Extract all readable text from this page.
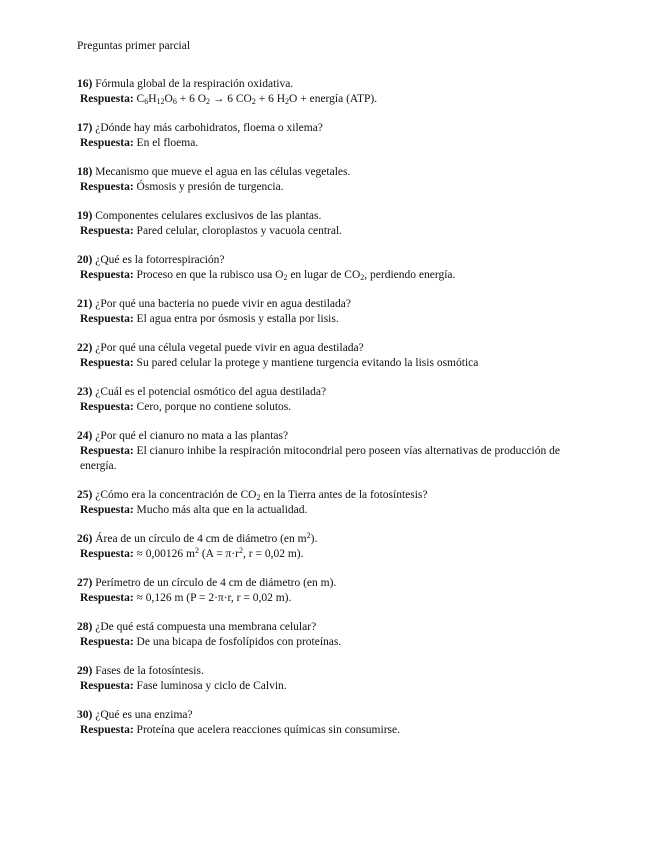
Preguntas primer parcial
16) Fórmula global de la respiración oxidativa.
Respuesta: $C_6H_{12}O_6 + 6$ $O_2 \to 6$ $CO_2 + 6$ $H_2O$ + energía (ATP).
17) ¿Dónde hay más carbohidratos, floema o xilema?
Respuesta: En el floema.
18) Mecanismo que mueve el agua en las células vegetales.
Respuesta: Ósmosis y presión de turgencia.
19) Componentes celulares exclusivos de las plantas.
Respuesta: Pared celular, cloroplastos y vacuola central.
20) ¿Qué es la fotorrespiración?
Respuesta: Proceso en que la rubisco usa $O_2$ en lugar de $CO_2$, perdiendo energía.
21) ¿Por qué una bacteria no puede vivir en agua destilada?
Respuesta: El agua entra por ósmosis y estalla por lisis.
22) ¿Por qué una célula vegetal puede vivir en agua destilada?
Respuesta: Su pared celular la protege y mantiene turgencia evitando la lisis osmótica
23) ¿Cuál es el potencial osmótico del agua destilada?
Respuesta: Cero, porque no contiene solutos.
24) ¿Por qué el cianuro no mata a las plantas?
Respuesta: El cianuro inhibe la respiración mitocondrial pero poseen vías alternativas de producción de energía.
25) ¿Cómo era la concentración de $CO_2$ en la Tierra antes de la fotosíntesis?
Respuesta: Mucho más alta que en la actualidad.
26) Área de un círculo de 4 cm de diámetro (en $m^2$).
Respuesta: ≈ 0,00126 $m^2$ ($A = \pi\cdot r^2$, r = 0,02 m).
27) Perímetro de un círculo de 4 cm de diámetro (en m).
Respuesta: ≈ 0,126 m (P = 2·π·r, r = 0,02 m).
28) ¿De qué está compuesta una membrana celular?
Respuesta: De una bicapa de fosfolípidos con proteínas.
29) Fases de la fotosíntesis.
Respuesta: Fase luminosa y ciclo de Calvin.
30) ¿Qué es una enzima?
Respuesta: Proteína que acelera reacciones químicas sin consumirse.
